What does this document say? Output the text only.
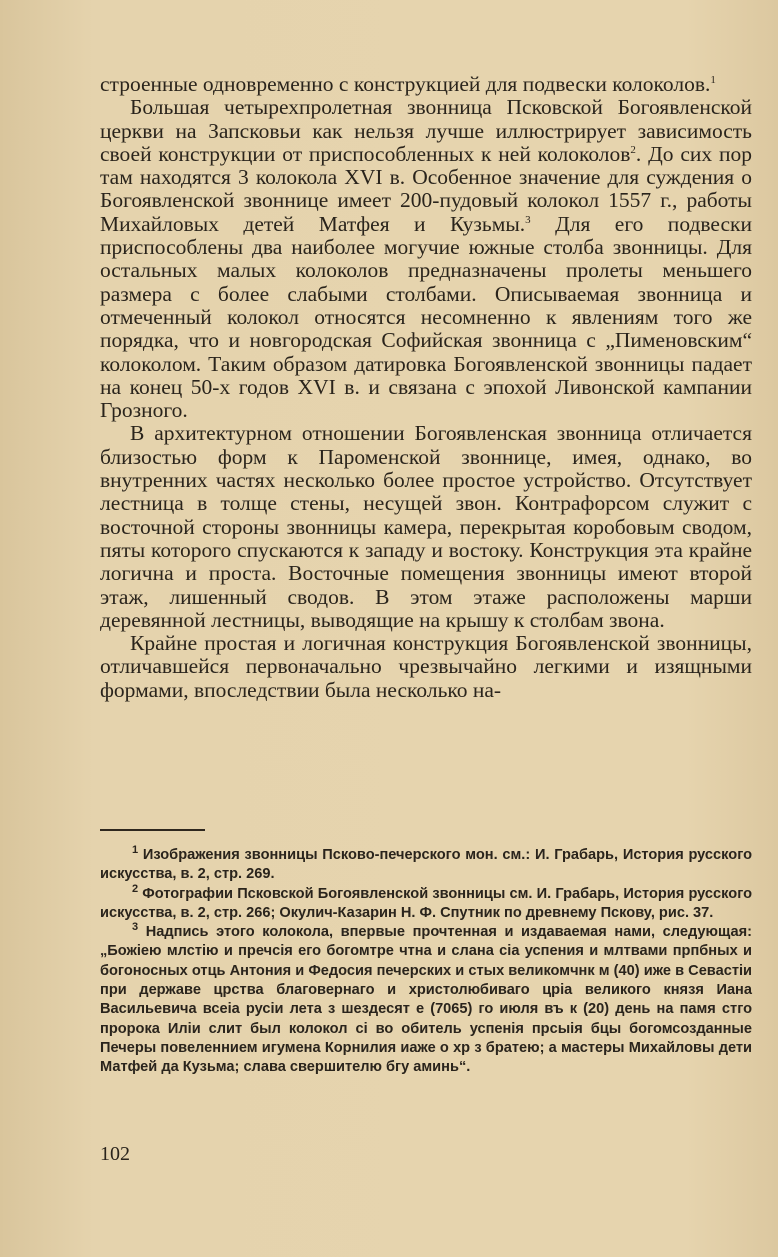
строенные одновременно с конструкцией для подвески колоколов.$^1$

Большая четырехпролетная звонница Псковской Богоявленской церкви на Запсковьи как нельзя лучше иллюстрирует зависимость своей конструкции от приспособленных к ней колоколов$^2$. До сих пор там находятся 3 колокола XVI в. Особенное значение для суждения о Богоявленской звоннице имеет 200-пудовый колокол 1557 г., работы Михайловых детей Матфея и Кузьмы.$^3$ Для его подвески приспособлены два наиболее могучие южные столба звонницы. Для остальных малых колоколов предназначены пролеты меньшего размера с более слабыми столбами. Описываемая звонница и отмеченный колокол относятся несомненно к явлениям того же порядка, что и новгородская Софийская звонница с „Пименовским“ колоколом. Таким образом датировка Богоявленской звонницы падает на конец 50-х годов XVI в. и связана с эпохой Ливонской кампании Грозного.

В архитектурном отношении Богоявленская звонница отличается близостью форм к Пароменской звоннице, имея, однако, во внутренних частях несколько более простое устройство. Отсутствует лестница в толще стены, несущей звон. Контрафорсом служит с восточной стороны звонницы камера, перекрытая коробовым сводом, пяты которого спускаются к западу и востоку. Конструкция эта крайне логична и проста. Восточные помещения звонницы имеют второй этаж, лишенный сводов. В этом этаже расположены марши деревянной лестницы, выводящие на крышу к столбам звона.

Крайне простая и логичная конструкция Богоявленской звонницы, отличавшейся первоначально чрезвычайно легкими и изящными формами, впоследствии была несколько на-

$^1$ Изображения звонницы Псково-печерского мон. см.: И. Грабарь, История русского искусства, в. 2, стр. 269.

$^2$ Фотографии Псковской Богоявленской звонницы см. И. Грабарь, История русского искусства, в. 2, стр. 266; Окулич-Казарин Н. Ф. Спутник по древнему Пскову, рис. 37.

$^3$ Надпись этого колокола, впервые прочтенная и издаваемая нами, следующая: „Божiею млстiю и пречсiя его богомтре чтна и слана сiа успения и млтвами прпбных и богоносных отць Антония и Федосия печерских и стых великомчнк м (40) иже в Севастiи при державе црства благовернаго и христолюбиваго црiа великого князя Иана Васильевича всеiа русiи лета з шездесят е (7065) го июля въ к (20) день на памя стго пророка Илiи слит был колокол сi во обитель успенiя прсыiя бцы богомсозданные Печеры повеленнием игумена Корнилия иаже о хр з братею; а мастеры Михайловы дети Матфей да Кузьма; слава свершителю бгу аминь“.

102
